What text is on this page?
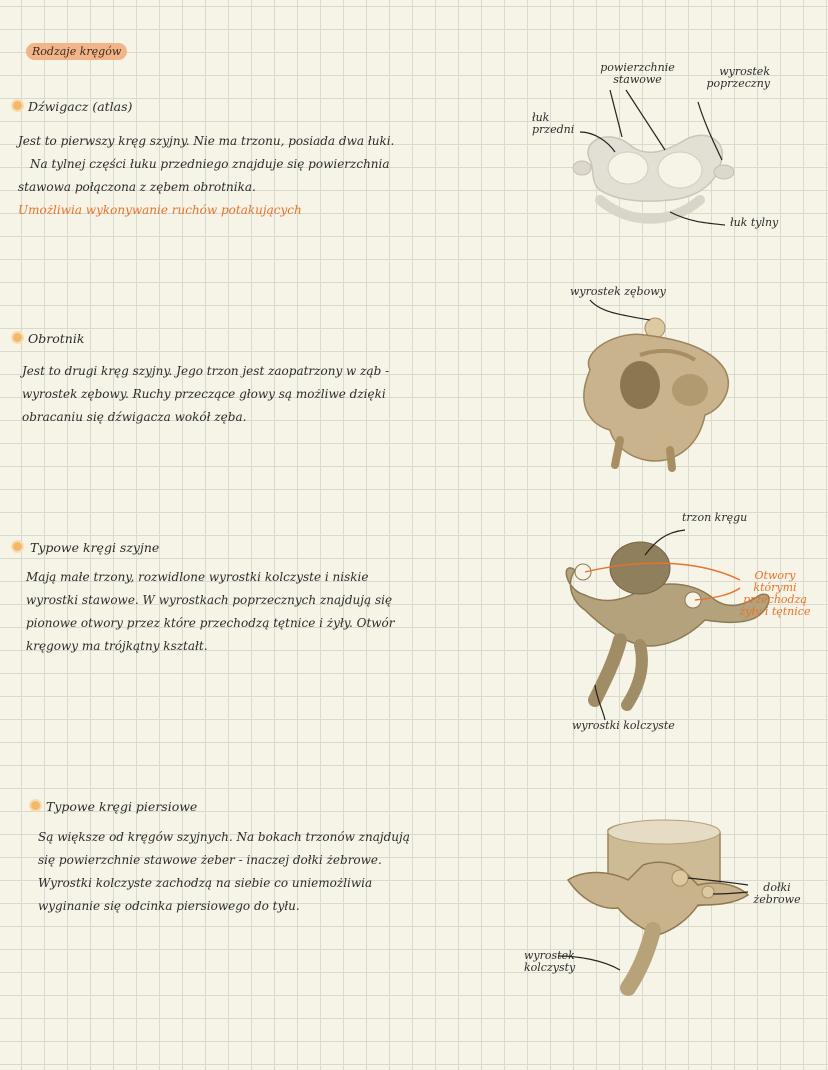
Rodzaje kręgów
Dźwigacz (atlas)
Jest to pierwszy kręg szyjny. Nie ma trzonu, posiada dwa łuki.
Na tylnej części łuku przedniego znajduje się powierzchnia
stawowa połączona z zębem obrotnika.
Umożliwia wykonywanie ruchów potakujących
powierzchnie stawowe
wyrostek poprzeczny
łuk przedni
łuk tylny
Obrotnik
Jest to drugi kręg szyjny. Jego trzon jest zaopatrzony w ząb -
wyrostek zębowy. Ruchy przeczące głowy są możliwe dzięki
obracaniu się dźwigacza wokół zęba.
wyrostek zębowy
Typowe kręgi szyjne
Mają małe trzony, rozwidlone wyrostki kolczyste i niskie
wyrostki stawowe. W wyrostkach poprzecznych znajdują się
pionowe otwory przez które przechodzą tętnice i żyły. Otwór
kręgowy ma trójkątny kształt.
trzon kręgu
Otwory którymi przechodzą żyły i tętnice
wyrostki kolczyste
Typowe kręgi piersiowe
Są większe od kręgów szyjnych. Na bokach trzonów znajdują
się powierzchnie stawowe żeber - inaczej dołki żebrowe.
Wyrostki kolczyste zachodzą na siebie co uniemożliwia
wyginanie się odcinka piersiowego do tyłu.
dołki żebrowe
wyrostek kolczysty
